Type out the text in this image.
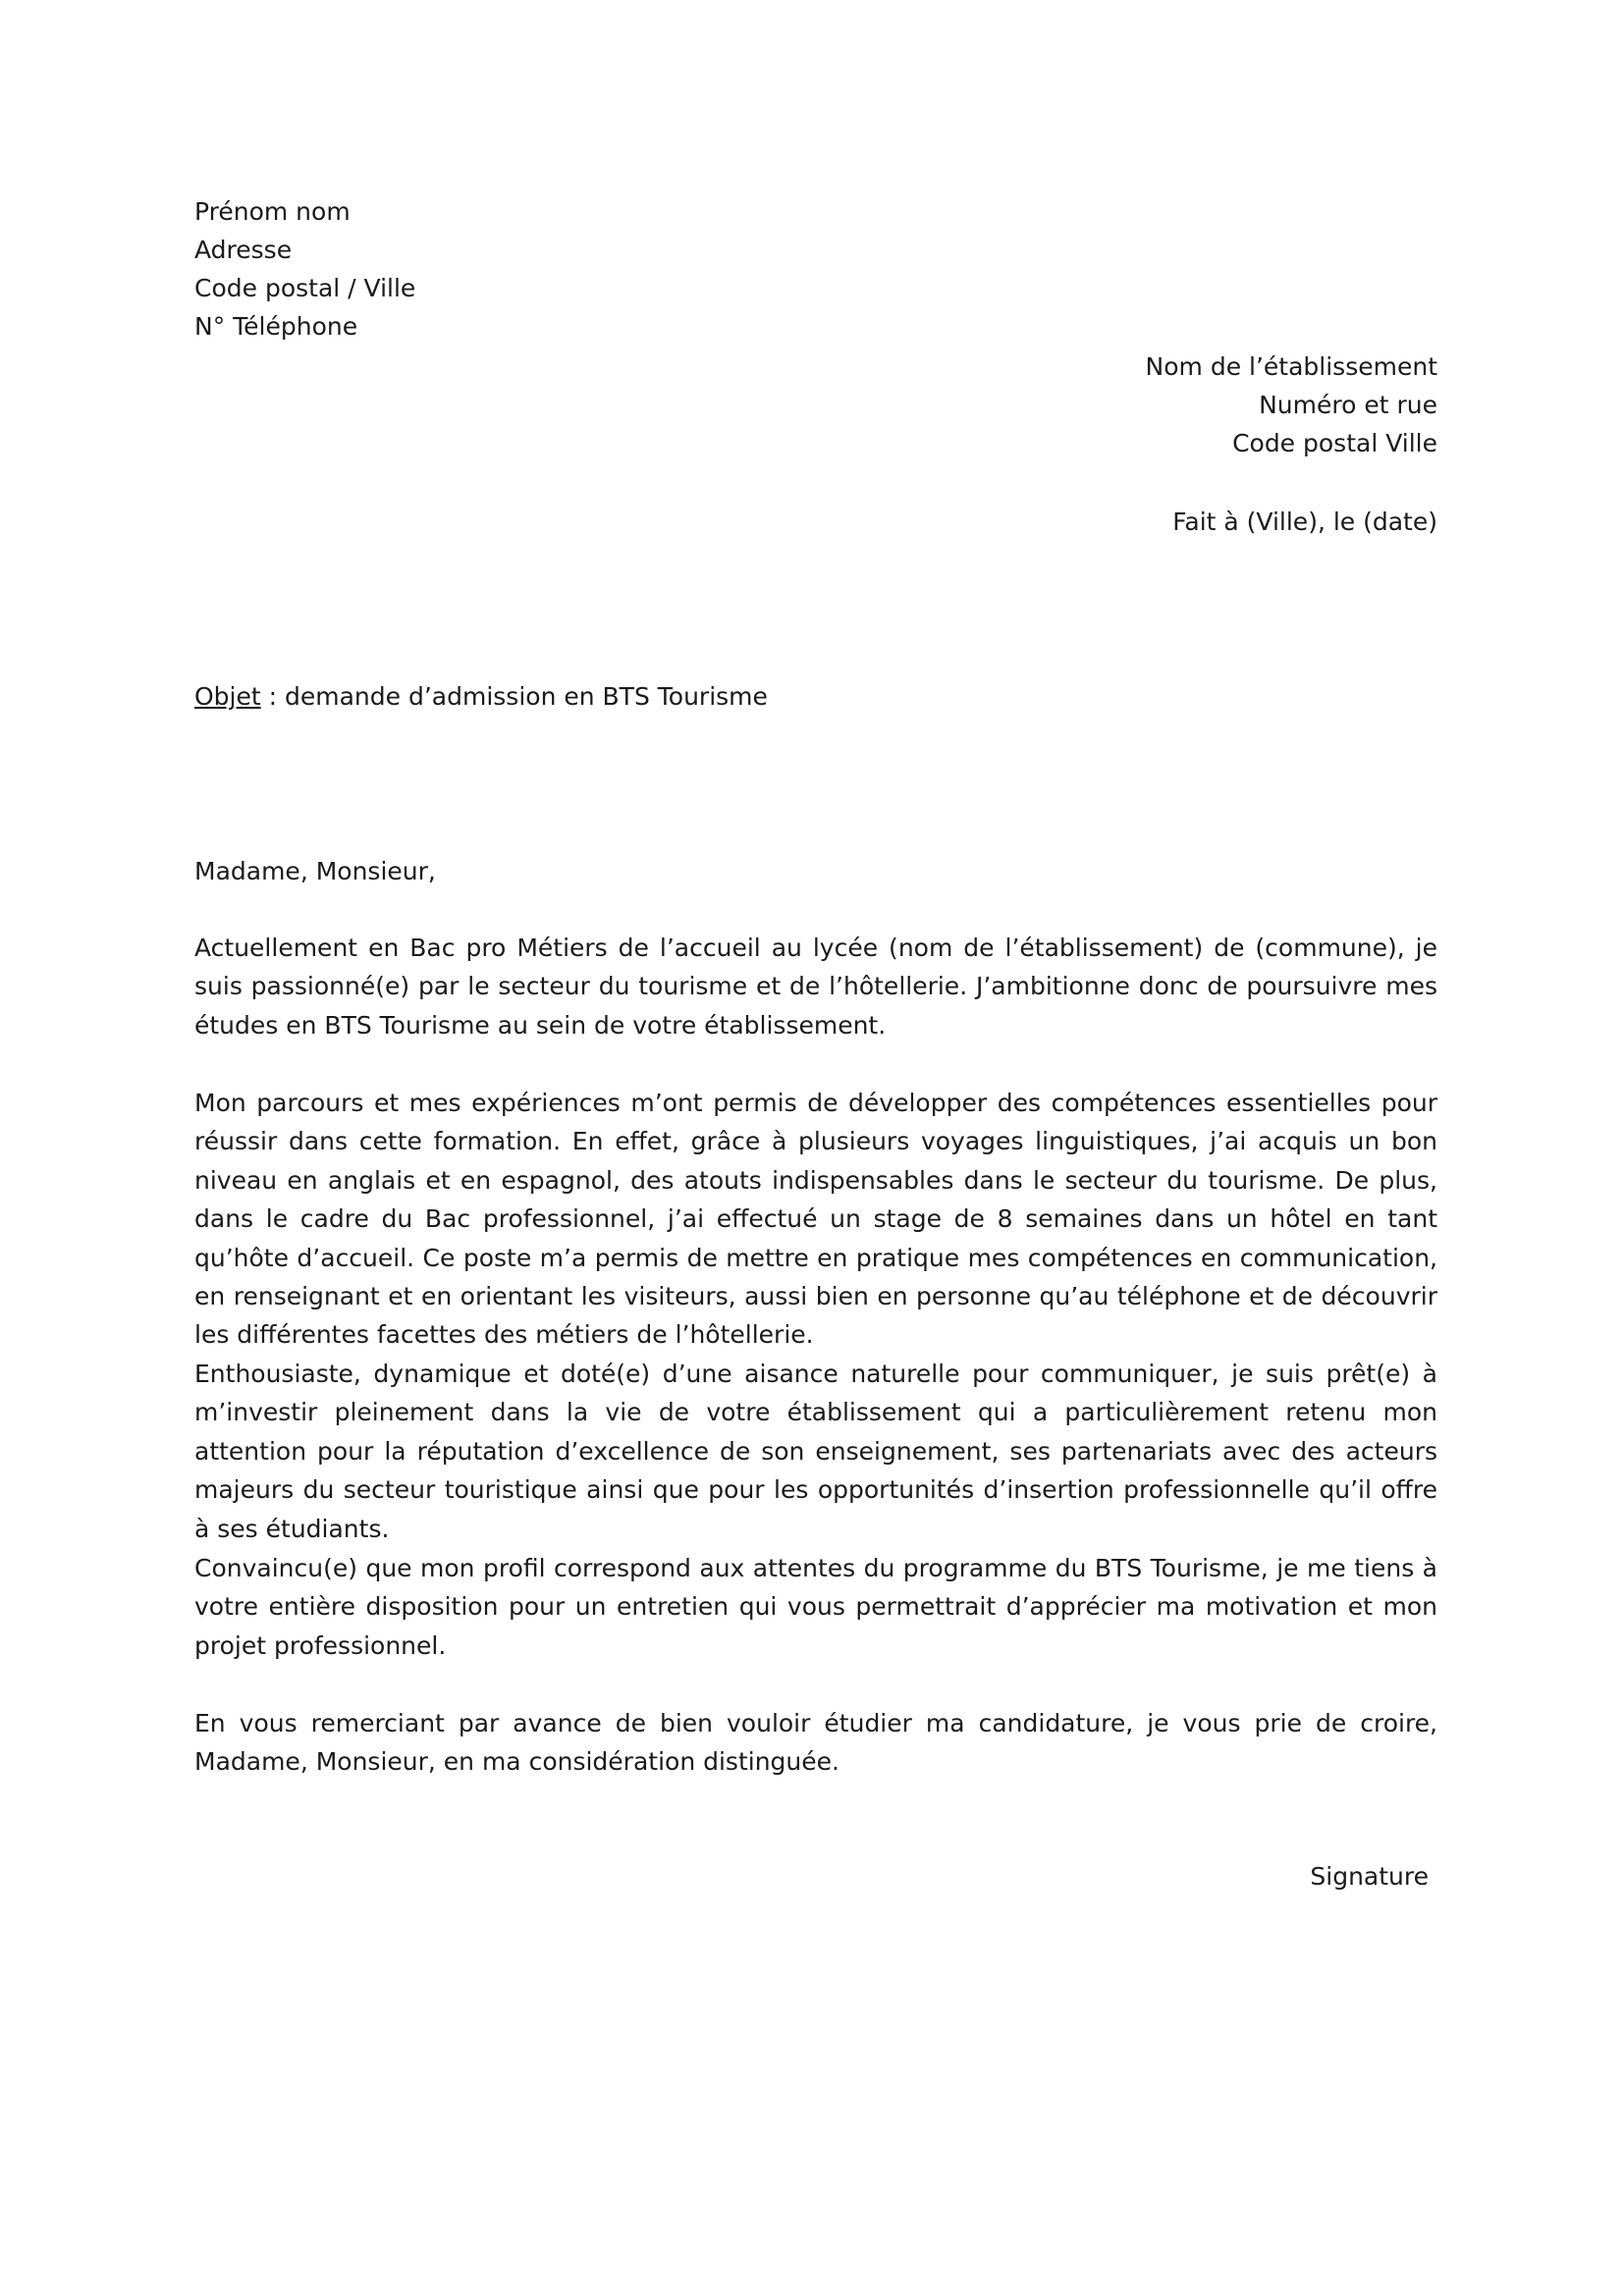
Prénom nom
Adresse
Code postal / Ville
N° Téléphone
Nom de l’établissement
Numéro et rue
Code postal Ville
Fait à (Ville), le (date)
Objet : demande d’admission en BTS Tourisme
Madame, Monsieur,

Actuellement en Bac pro Métiers de l’accueil au lycée (nom de l’établissement) de (commune), je suis passionné(e) par le secteur du tourisme et de l’hôtellerie. J’ambitionne donc de poursuivre mes études en BTS Tourisme au sein de votre établissement.

Mon parcours et mes expériences m’ont permis de développer des compétences essentielles pour réussir dans cette formation. En effet, grâce à plusieurs voyages linguistiques, j’ai acquis un bon niveau en anglais et en espagnol, des atouts indispensables dans le secteur du tourisme. De plus, dans le cadre du Bac professionnel, j’ai effectué un stage de 8 semaines dans un hôtel en tant qu’hôte d’accueil. Ce poste m’a permis de mettre en pratique mes compétences en communication, en renseignant et en orientant les visiteurs, aussi bien en personne qu’au téléphone et de découvrir les différentes facettes des métiers de l’hôtellerie.

Enthousiaste, dynamique et doté(e) d’une aisance naturelle pour communiquer, je suis prêt(e) à m’investir pleinement dans la vie de votre établissement qui a particulièrement retenu mon attention pour la réputation d’excellence de son enseignement, ses partenariats avec des acteurs majeurs du secteur touristique ainsi que pour les opportunités d’insertion professionnelle qu’il offre à ses étudiants.

Convaincu(e) que mon profil correspond aux attentes du programme du BTS Tourisme, je me tiens à votre entière disposition pour un entretien qui vous permettrait d’apprécier ma motivation et mon projet professionnel.

En vous remerciant par avance de bien vouloir étudier ma candidature, je vous prie de croire, Madame, Monsieur, en ma considération distinguée.

Signature
